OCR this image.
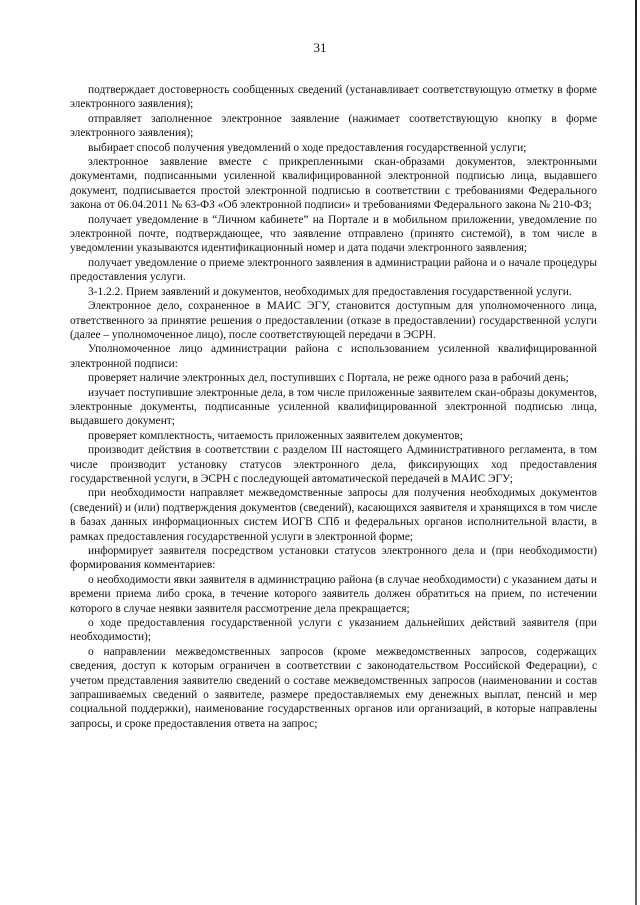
31

подтверждает достоверность сообщенных сведений (устанавливает соответствующую отметку в форме электронного заявления);

отправляет заполненное электронное заявление (нажимает соответствующую кнопку в форме электронного заявления);

выбирает способ получения уведомлений о ходе предоставления государственной услуги;

электронное заявление вместе с прикрепленными скан-образами документов, электронными документами, подписанными усиленной квалифицированной электронной подписью лица, выдавшего документ, подписывается простой электронной подписью в соответствии с требованиями Федерального закона от 06.04.2011 № 63-ФЗ «Об электронной подписи» и требованиями Федерального закона № 210-ФЗ;

получает уведомление в “Личном кабинете” на Портале и в мобильном приложении, уведомление по электронной почте, подтверждающее, что заявление отправлено (принято системой), в том числе в уведомлении указываются идентификационный номер и дата подачи электронного заявления;

получает уведомление о приеме электронного заявления в администрации района и о начале процедуры предоставления услуги.

3-1.2.2. Прием заявлений и документов, необходимых для предоставления государственной услуги.

Электронное дело, сохраненное в МАИС ЭГУ, становится доступным для уполномоченного лица, ответственного за принятие решения о предоставлении (отказе в предоставлении) государственной услуги (далее – уполномоченное лицо), после соответствующей передачи в ЭСРН.

Уполномоченное лицо администрации района с использованием усиленной квалифицированной электронной подписи:

проверяет наличие электронных дел, поступивших с Портала, не реже одного раза в рабочий день;

изучает поступившие электронные дела, в том числе приложенные заявителем скан-образы документов, электронные документы, подписанные усиленной квалифицированной электронной подписью лица, выдавшего документ;

проверяет комплектность, читаемость приложенных заявителем документов;

производит действия в соответствии с разделом III настоящего Административного регламента, в том числе производит установку статусов электронного дела, фиксирующих ход предоставления государственной услуги, в ЭСРН с последующей автоматической передачей в МАИС ЭГУ;

при необходимости направляет межведомственные запросы для получения необходимых документов (сведений) и (или) подтверждения документов (сведений), касающихся заявителя и хранящихся в том числе в базах данных информационных систем ИОГВ СПб и федеральных органов исполнительной власти, в рамках предоставления государственной услуги в электронной форме;

информирует заявителя посредством установки статусов электронного дела и (при необходимости) формирования комментариев:

о необходимости явки заявителя в администрацию района (в случае необходимости) с указанием даты и времени приема либо срока, в течение которого заявитель должен обратиться на прием, по истечении которого в случае неявки заявителя рассмотрение дела прекращается;

о ходе предоставления государственной услуги с указанием дальнейших действий заявителя (при необходимости);

о направлении межведомственных запросов (кроме межведомственных запросов, содержащих сведения, доступ к которым ограничен в соответствии с законодательством Российской Федерации), с учетом представления заявителю сведений о составе межведомственных запросов (наименовании и состав запрашиваемых сведений о заявителе, размере предоставляемых ему денежных выплат, пенсий и мер социальной поддержки), наименование государственных органов или организаций, в которые направлены запросы, и сроке предоставления ответа на запрос;
